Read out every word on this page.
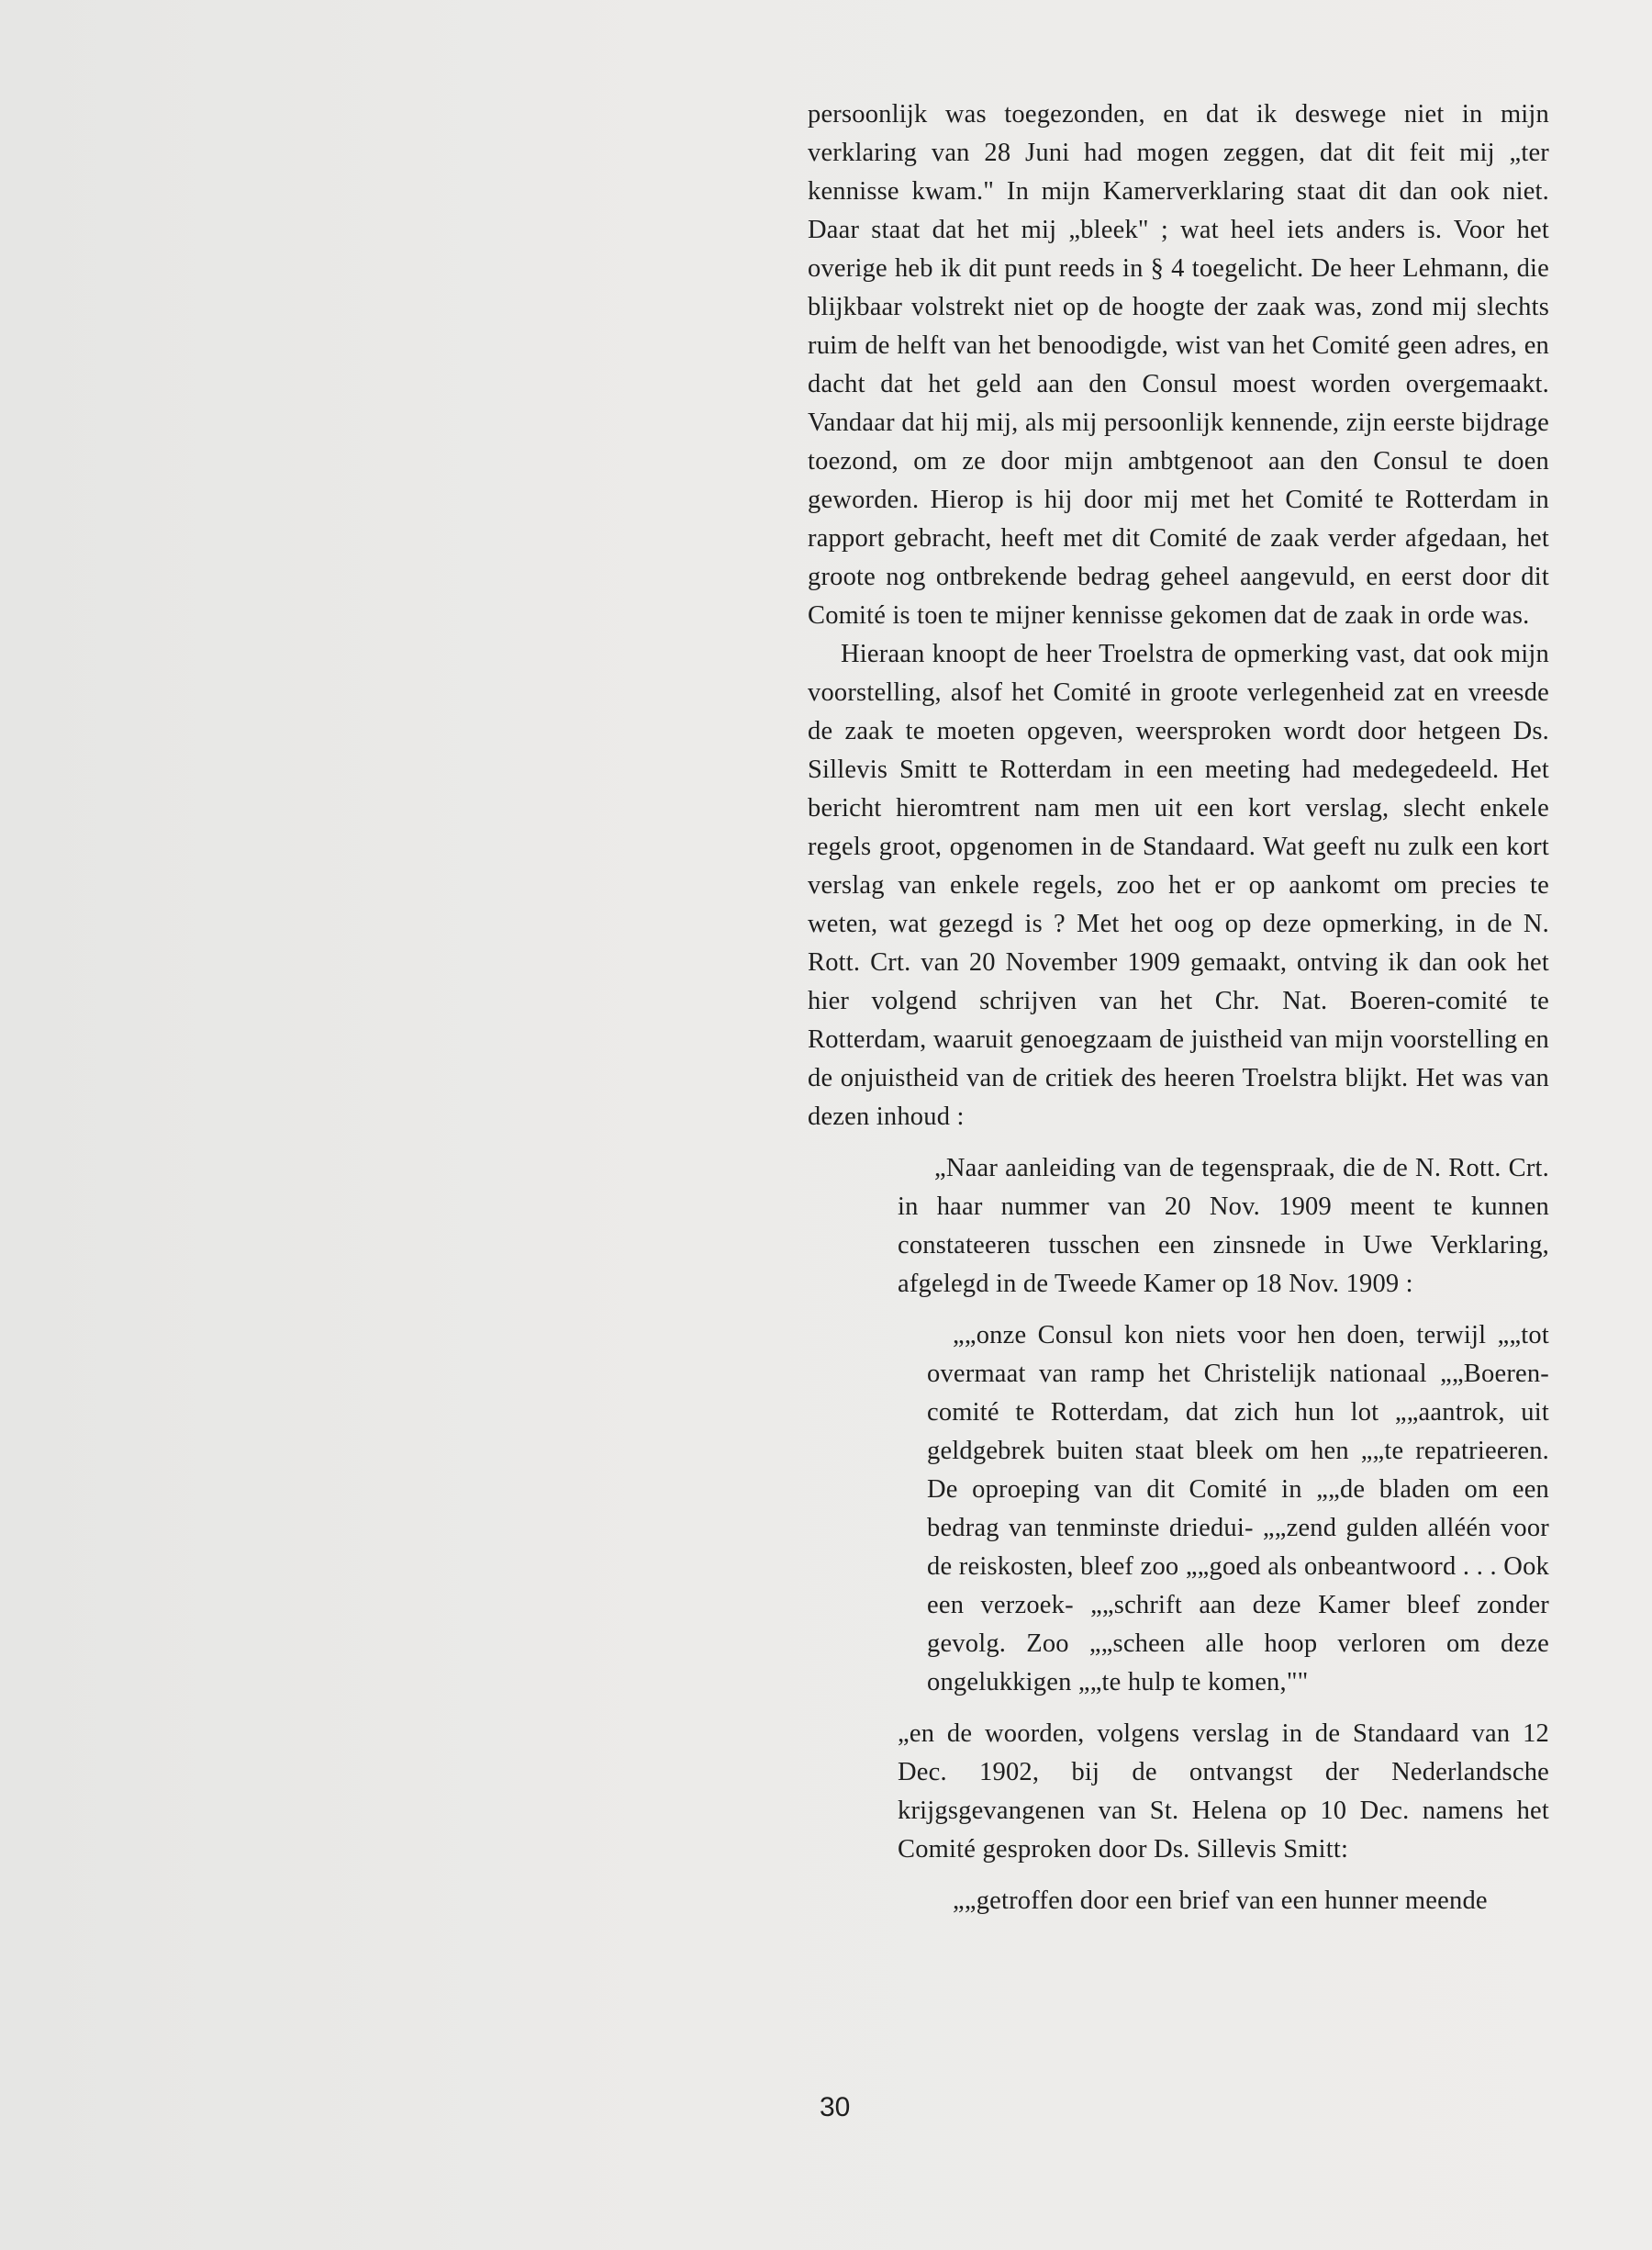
persoonlijk was toegezonden, en dat ik deswege niet in mijn verklaring van 28 Juni had mogen zeggen, dat dit feit mij „ter kennisse kwam." In mijn Kamerverklaring staat dit dan ook niet. Daar staat dat het mij „bleek" ; wat heel iets anders is. Voor het overige heb ik dit punt reeds in § 4 toegelicht. De heer Lehmann, die blijkbaar volstrekt niet op de hoogte der zaak was, zond mij slechts ruim de helft van het benoodigde, wist van het Comité geen adres, en dacht dat het geld aan den Consul moest worden overgemaakt. Vandaar dat hij mij, als mij persoonlijk kennende, zijn eerste bijdrage toezond, om ze door mijn ambtgenoot aan den Consul te doen geworden. Hierop is hij door mij met het Comité te Rotterdam in rapport gebracht, heeft met dit Comité de zaak verder afgedaan, het groote nog ontbrekende bedrag geheel aangevuld, en eerst door dit Comité is toen te mijner kennisse gekomen dat de zaak in orde was.

Hieraan knoopt de heer Troelstra de opmerking vast, dat ook mijn voorstelling, alsof het Comité in groote verlegenheid zat en vreesde de zaak te moeten opgeven, weersproken wordt door hetgeen Ds. Sillevis Smitt te Rotterdam in een meeting had medegedeeld. Het bericht hieromtrent nam men uit een kort verslag, slecht enkele regels groot, opgenomen in de Standaard. Wat geeft nu zulk een kort verslag van enkele regels, zoo het er op aankomt om precies te weten, wat gezegd is ? Met het oog op deze opmerking, in de N. Rott. Crt. van 20 November 1909 gemaakt, ontving ik dan ook het hier volgend schrijven van het Chr. Nat. Boeren-comité te Rotterdam, waaruit genoegzaam de juistheid van mijn voorstelling en de onjuistheid van de critiek des heeren Troelstra blijkt. Het was van dezen inhoud :

„Naar aanleiding van de tegenspraak, die de N. Rott. Crt. in haar nummer van 20 Nov. 1909 meent te kunnen constateeren tusschen een zinsnede in Uwe Verklaring, afgelegd in de Tweede Kamer op 18 Nov. 1909 :

„„onze Consul kon niets voor hen doen, terwijl „„tot overmaat van ramp het Christelijk nationaal „„Boeren-comité te Rotterdam, dat zich hun lot „„aantrok, uit geldgebrek buiten staat bleek om hen „„te repatrieeren. De oproeping van dit Comité in „„de bladen om een bedrag van tenminste driedui- „„zend gulden alléén voor de reiskosten, bleef zoo „„goed als onbeantwoord . . . Ook een verzoek- „„schrift aan deze Kamer bleef zonder gevolg. Zoo „„scheen alle hoop verloren om deze ongelukkigen „„te hulp te komen,""

„en de woorden, volgens verslag in de Standaard van 12 Dec. 1902, bij de ontvangst der Nederlandsche krijgsgevangenen van St. Helena op 10 Dec. namens het Comité gesproken door Ds. Sillevis Smitt:

„„getroffen door een brief van een hunner meende

30
